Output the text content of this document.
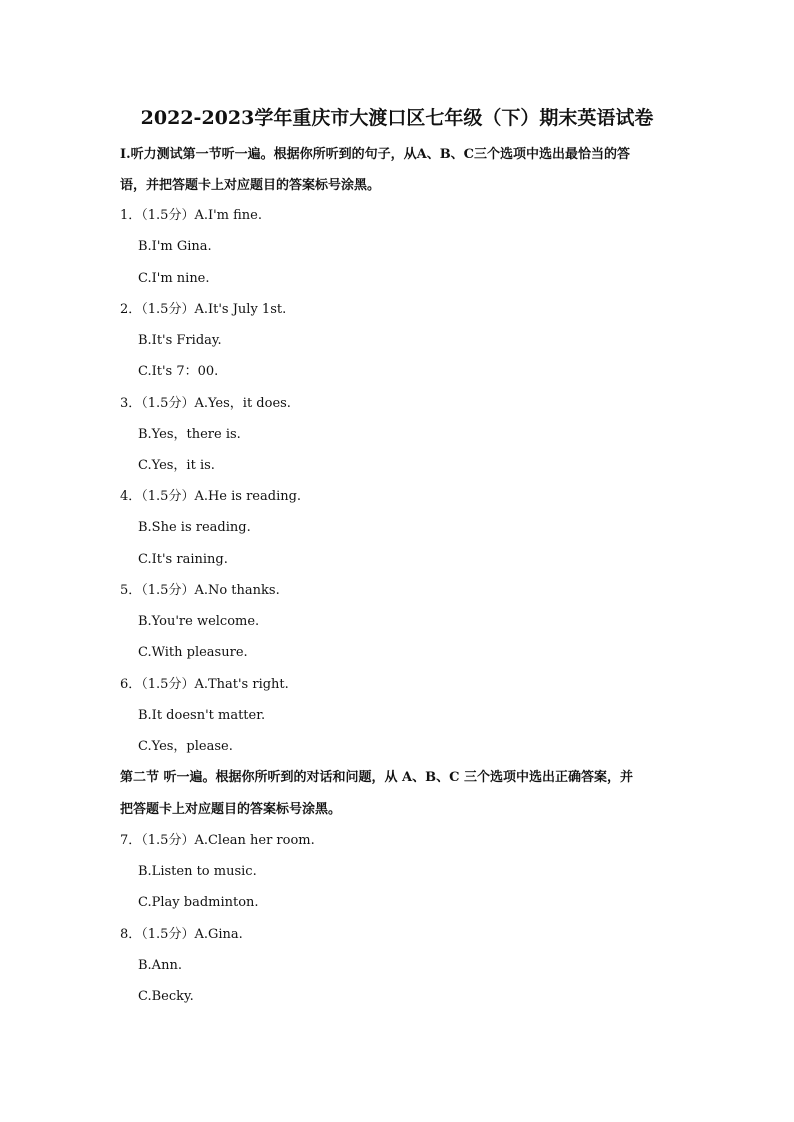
2022-2023学年重庆市大渡口区七年级（下）期末英语试卷
Ⅰ.听力测试第一节听一遍。根据你所听到的句子，从A、B、C三个选项中选出最恰当的答
语，并把答题卡上对应题目的答案标号涂黑。
1．（1.5分）A.I'm fine.
B.I'm Gina.
C.I'm nine.
2．（1.5分）A.It's July 1st.
B.It's Friday.
C.It's 7：00.
3．（1.5分）A.Yes，it does.
B.Yes，there is.
C.Yes，it is.
4．（1.5分）A.He is reading.
B.She is reading.
C.It's raining.
5．（1.5分）A.No thanks.
B.You're welcome.
C.With pleasure.
6．（1.5分）A.That's right.
B.It doesn't matter.
C.Yes，please.
第二节 听一遍。根据你所听到的对话和问题，从 A、B、C 三个选项中选出正确答案，并
把答题卡上对应题目的答案标号涂黑。
7．（1.5分）A.Clean her room.
B.Listen to music.
C.Play badminton.
8．（1.5分）A.Gina.
B.Ann.
C.Becky.
